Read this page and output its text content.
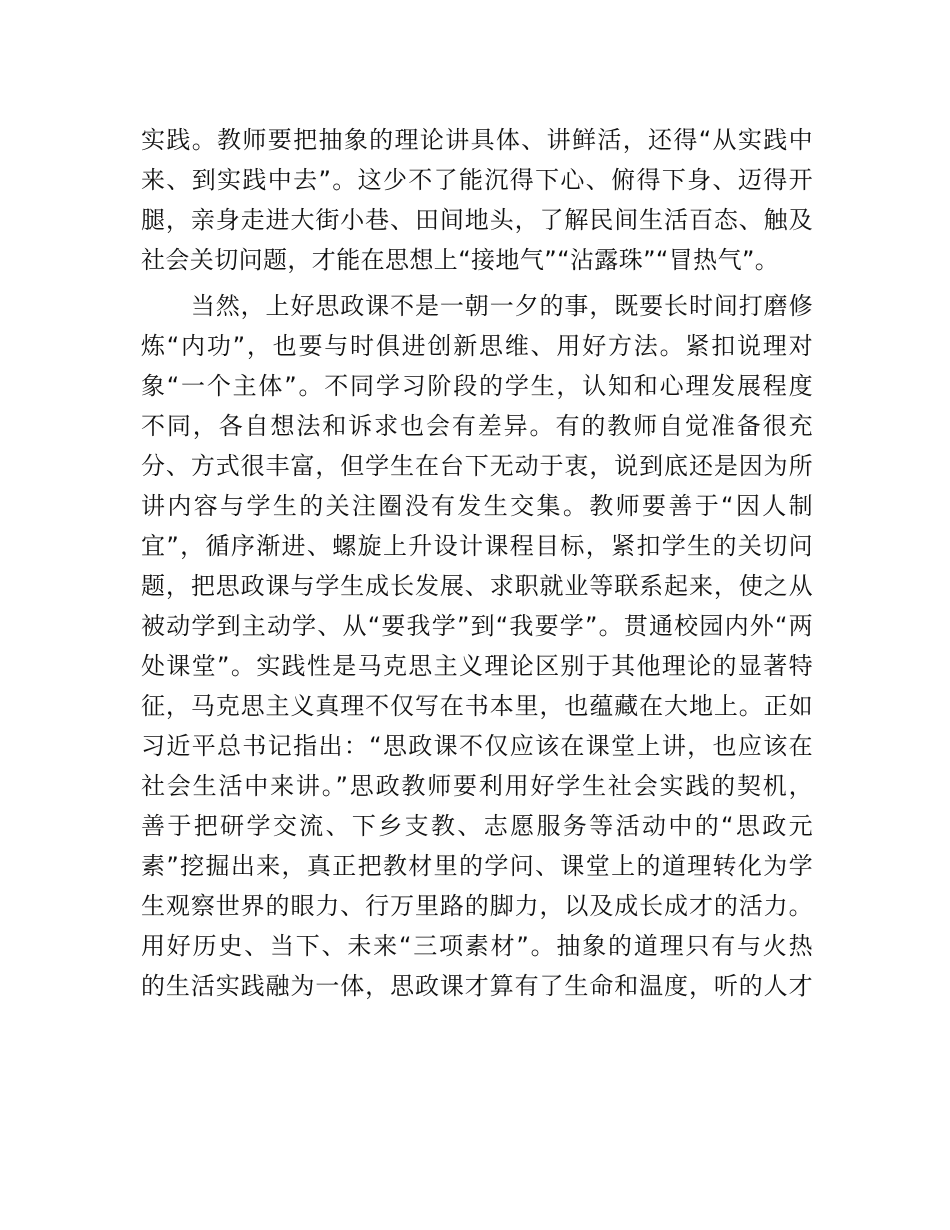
实践。教师要把抽象的理论讲具体、讲鲜活，还得“从实践中
来、到实践中去”。这少不了能沉得下心、俯得下身、迈得开
腿，亲身走进大街小巷、田间地头，了解民间生活百态、触及
社会关切问题，才能在思想上“接地气”“沾露珠”“冒热气”。
　　当然，上好思政课不是一朝一夕的事，既要长时间打磨修
炼“内功”，也要与时俱进创新思维、用好方法。紧扣说理对
象“一个主体”。不同学习阶段的学生，认知和心理发展程度
不同，各自想法和诉求也会有差异。有的教师自觉准备很充
分、方式很丰富，但学生在台下无动于衷，说到底还是因为所
讲内容与学生的关注圈没有发生交集。教师要善于“因人制
宜”，循序渐进、螺旋上升设计课程目标，紧扣学生的关切问
题，把思政课与学生成长发展、求职就业等联系起来，使之从
被动学到主动学、从“要我学”到“我要学”。贯通校园内外“两
处课堂”。实践性是马克思主义理论区别于其他理论的显著特
征，马克思主义真理不仅写在书本里，也蕴藏在大地上。正如
习近平总书记指出：“思政课不仅应该在课堂上讲，也应该在
社会生活中来讲。”思政教师要利用好学生社会实践的契机，
善于把研学交流、下乡支教、志愿服务等活动中的“思政元
素”挖掘出来，真正把教材里的学问、课堂上的道理转化为学
生观察世界的眼力、行万里路的脚力，以及成长成才的活力。
用好历史、当下、未来“三项素材”。抽象的道理只有与火热
的生活实践融为一体，思政课才算有了生命和温度，听的人才
